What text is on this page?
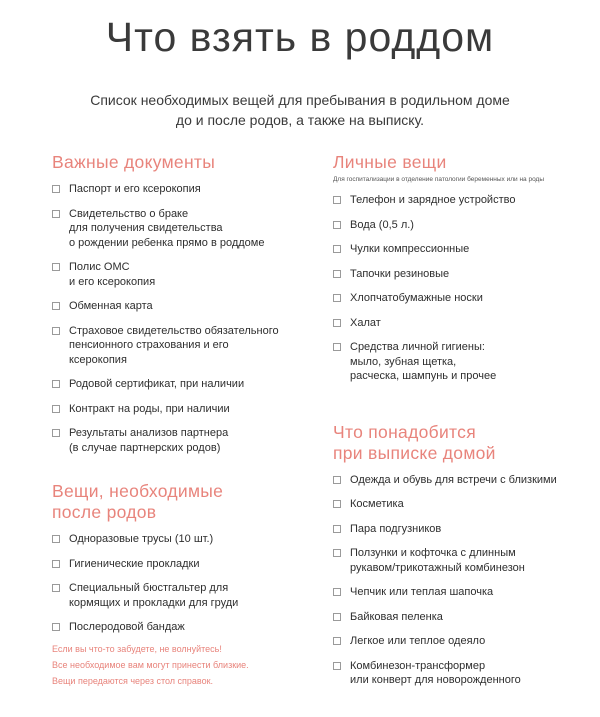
Что взять в роддом
Список необходимых вещей для пребывания в родильном доме
до и после родов, а также на выписку.
Важные документы
Паспорт и его ксерокопия
Свидетельство о браке
для получения свидетельства
о рождении ребенка прямо в роддоме
Полис ОМС
и его ксерокопия
Обменная карта
Страховое свидетельство обязательного
пенсионного страхования и его
ксерокопия
Родовой сертификат, при наличии
Контракт на роды, при наличии
Результаты анализов партнера
(в случае партнерских родов)
Вещи, необходимые
после родов
Одноразовые трусы (10 шт.)
Гигиенические прокладки
Специальный бюстгальтер для
кормящих и прокладки для груди
Послеродовой бандаж
Если вы что-то забудете, не волнуйтесь!
Все необходимое вам могут принести близкие.
Вещи передаются через стол справок.
Личные вещи
Для госпитализации в отделение патологии беременных или на роды
Телефон и зарядное устройство
Вода (0,5 л.)
Чулки компрессионные
Тапочки резиновые
Хлопчатобумажные носки
Халат
Средства личной гигиены:
мыло, зубная щетка,
расческа, шампунь и прочее
Что понадобится
при выписке домой
Одежда и обувь для встречи с близкими
Косметика
Пара подгузников
Ползунки и кофточка с длинным
рукавом/трикотажный комбинезон
Чепчик или теплая шапочка
Байковая пеленка
Легкое или теплое одеяло
Комбинезон-трансформер
или конверт для новорожденного
